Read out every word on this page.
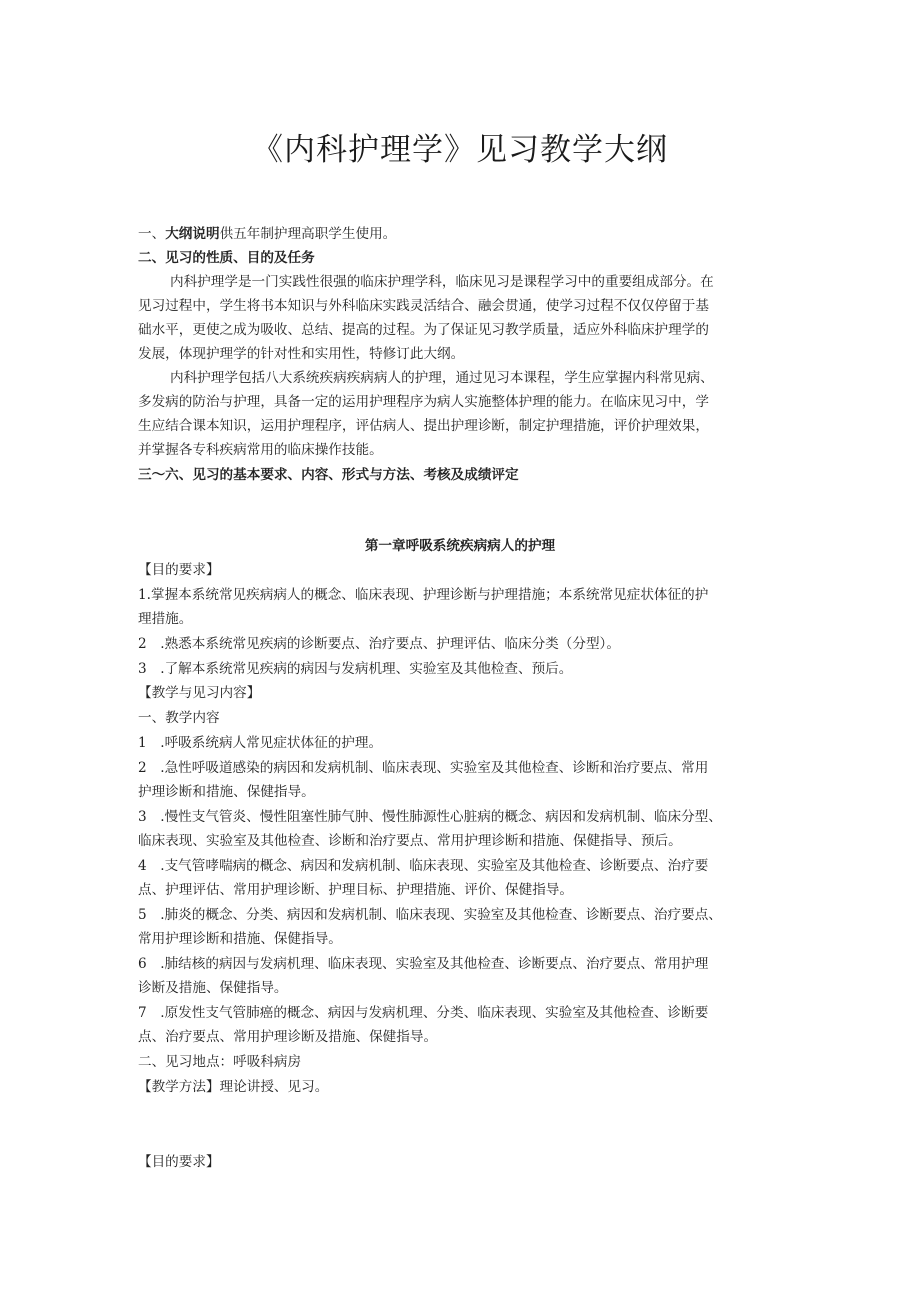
《内科护理学》见习教学大纲
一、大纲说明供五年制护理高职学生使用。
二、见习的性质、目的及任务
内科护理学是一门实践性很强的临床护理学科，临床见习是课程学习中的重要组成部分。在
见习过程中，学生将书本知识与外科临床实践灵活结合、融会贯通，使学习过程不仅仅停留于基
础水平，更使之成为吸收、总结、提高的过程。为了保证见习教学质量，适应外科临床护理学的
发展，体现护理学的针对性和实用性，特修订此大纲。
内科护理学包括八大系统疾病疾病病人的护理，通过见习本课程，学生应掌握内科常见病、
多发病的防治与护理，具备一定的运用护理程序为病人实施整体护理的能力。在临床见习中，学
生应结合课本知识，运用护理程序，评估病人、提出护理诊断，制定护理措施，评价护理效果，
并掌握各专科疾病常用的临床操作技能。
三〜六、见习的基本要求、内容、形式与方法、考核及成绩评定
第一章呼吸系统疾病病人的护理
【目的要求】
1.掌握本系统常见疾病病人的概念、临床表现、护理诊断与护理措施；本系统常见症状体征的护
理措施。
2　.熟悉本系统常见疾病的诊断要点、治疗要点、护理评估、临床分类（分型）。
3　.了解本系统常见疾病的病因与发病机理、实验室及其他检查、预后。
【教学与见习内容】
一、教学内容
1　.呼吸系统病人常见症状体征的护理。
2　.急性呼吸道感染的病因和发病机制、临床表现、实验室及其他检查、诊断和治疗要点、常用
护理诊断和措施、保健指导。
3　.慢性支气管炎、慢性阻塞性肺气肿、慢性肺源性心脏病的概念、病因和发病机制、临床分型、
临床表现、实验室及其他检查、诊断和治疗要点、常用护理诊断和措施、保健指导、预后。
4　.支气管哮喘病的概念、病因和发病机制、临床表现、实验室及其他检查、诊断要点、治疗要
点、护理评估、常用护理诊断、护理目标、护理措施、评价、保健指导。
5　.肺炎的概念、分类、病因和发病机制、临床表现、实验室及其他检查、诊断要点、治疗要点、
常用护理诊断和措施、保健指导。
6　.肺结核的病因与发病机理、临床表现、实验室及其他检查、诊断要点、治疗要点、常用护理
诊断及措施、保健指导。
7　.原发性支气管肺癌的概念、病因与发病机理、分类、临床表现、实验室及其他检查、诊断要
点、治疗要点、常用护理诊断及措施、保健指导。
二、见习地点：呼吸科病房
【教学方法】理论讲授、见习。
【目的要求】
